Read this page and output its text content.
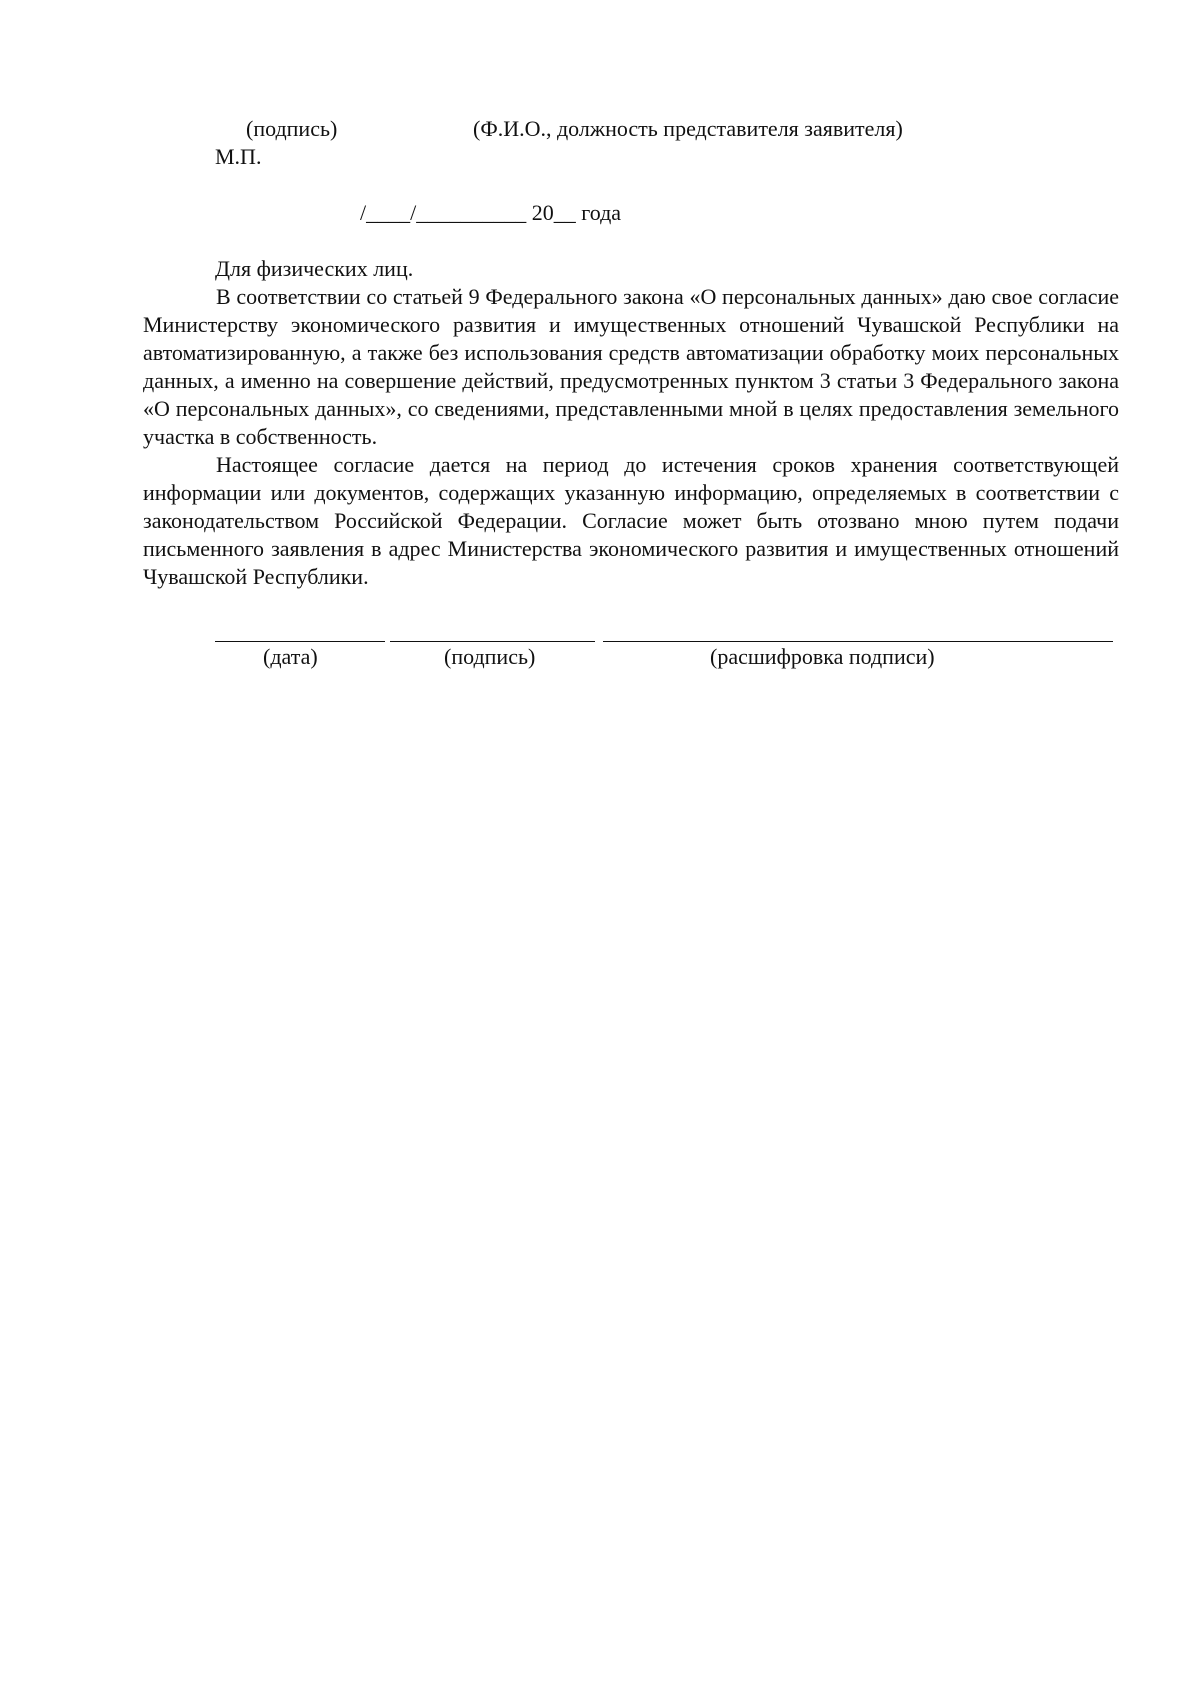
(подпись)	(Ф.И.О., должность представителя заявителя)
М.П.
/____/__________ 20__ года
Для физических лиц.
В соответствии со статьей 9 Федерального закона «О персональных данных» даю свое согласие Министерству экономического развития и имущественных отношений Чувашской Республики на автоматизированную, а также без использования средств автоматизации обработку моих персональных данных, а именно на совершение действий, предусмотренных пунктом 3 статьи 3 Федерального закона «О персональных данных», со сведениями, представленными мной в целях предоставления земельного участка в собственность.
Настоящее согласие дается на период до истечения сроков хранения соответствующей информации или документов, содержащих указанную информацию, определяемых в соответствии с законодательством Российской Федерации. Согласие может быть отозвано мною путем подачи письменного заявления в адрес Министерства экономического развития и имущественных отношений Чувашской Республики.
(дата)	(подпись)	(расшифровка подписи)
